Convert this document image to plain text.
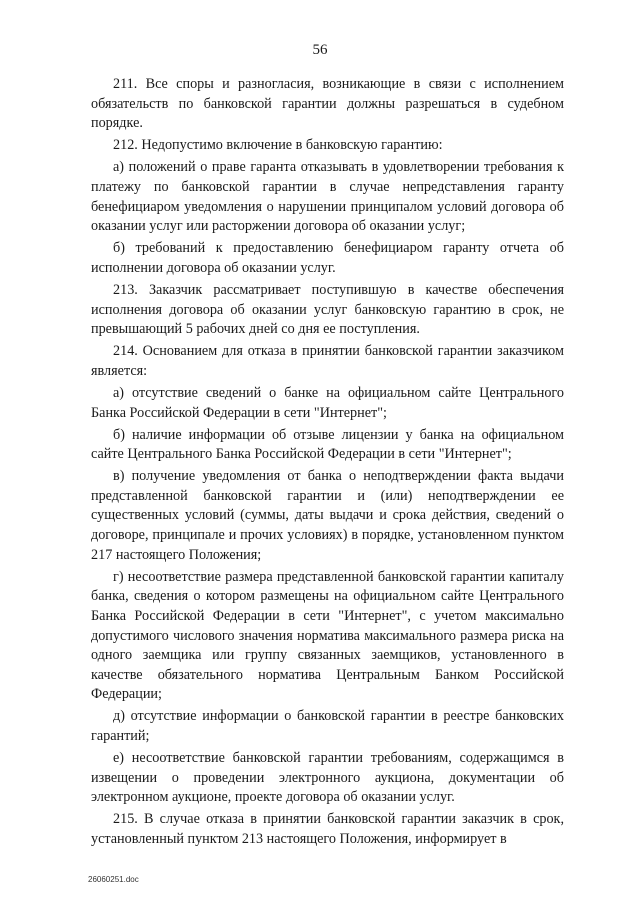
56

211. Все споры и разногласия, возникающие в связи с исполнением обязательств по банковской гарантии должны разрешаться в судебном порядке.

212. Недопустимо включение в банковскую гарантию:

а) положений о праве гаранта отказывать в удовлетворении требования к платежу по банковской гарантии в случае непредставления гаранту бенефициаром уведомления о нарушении принципалом условий договора об оказании услуг или расторжении договора об оказании услуг;

б) требований к предоставлению бенефициаром гаранту отчета об исполнении договора об оказании услуг.

213. Заказчик рассматривает поступившую в качестве обеспечения исполнения договора об оказании услуг банковскую гарантию в срок, не превышающий 5 рабочих дней со дня ее поступления.

214. Основанием для отказа в принятии банковской гарантии заказчиком является:

а) отсутствие сведений о банке на официальном сайте Центрального Банка Российской Федерации в сети "Интернет";

б) наличие информации об отзыве лицензии у банка на официальном сайте Центрального Банка Российской Федерации в сети "Интернет";

в) получение уведомления от банка о неподтверждении факта выдачи представленной банковской гарантии и (или) неподтверждении ее существенных условий (суммы, даты выдачи и срока действия, сведений о договоре, принципале и прочих условиях) в порядке, установленном пунктом 217 настоящего Положения;

г) несоответствие размера представленной банковской гарантии капиталу банка, сведения о котором размещены на официальном сайте Центрального Банка Российской Федерации в сети "Интернет", с учетом максимально допустимого числового значения норматива максимального размера риска на одного заемщика или группу связанных заемщиков, установленного в качестве обязательного норматива Центральным Банком Российской Федерации;

д) отсутствие информации о банковской гарантии в реестре банковских гарантий;

е) несоответствие банковской гарантии требованиям, содержащимся в извещении о проведении электронного аукциона, документации об электронном аукционе, проекте договора об оказании услуг.

215. В случае отказа в принятии банковской гарантии заказчик в срок, установленный пунктом 213 настоящего Положения, информирует в

26060251.doc
